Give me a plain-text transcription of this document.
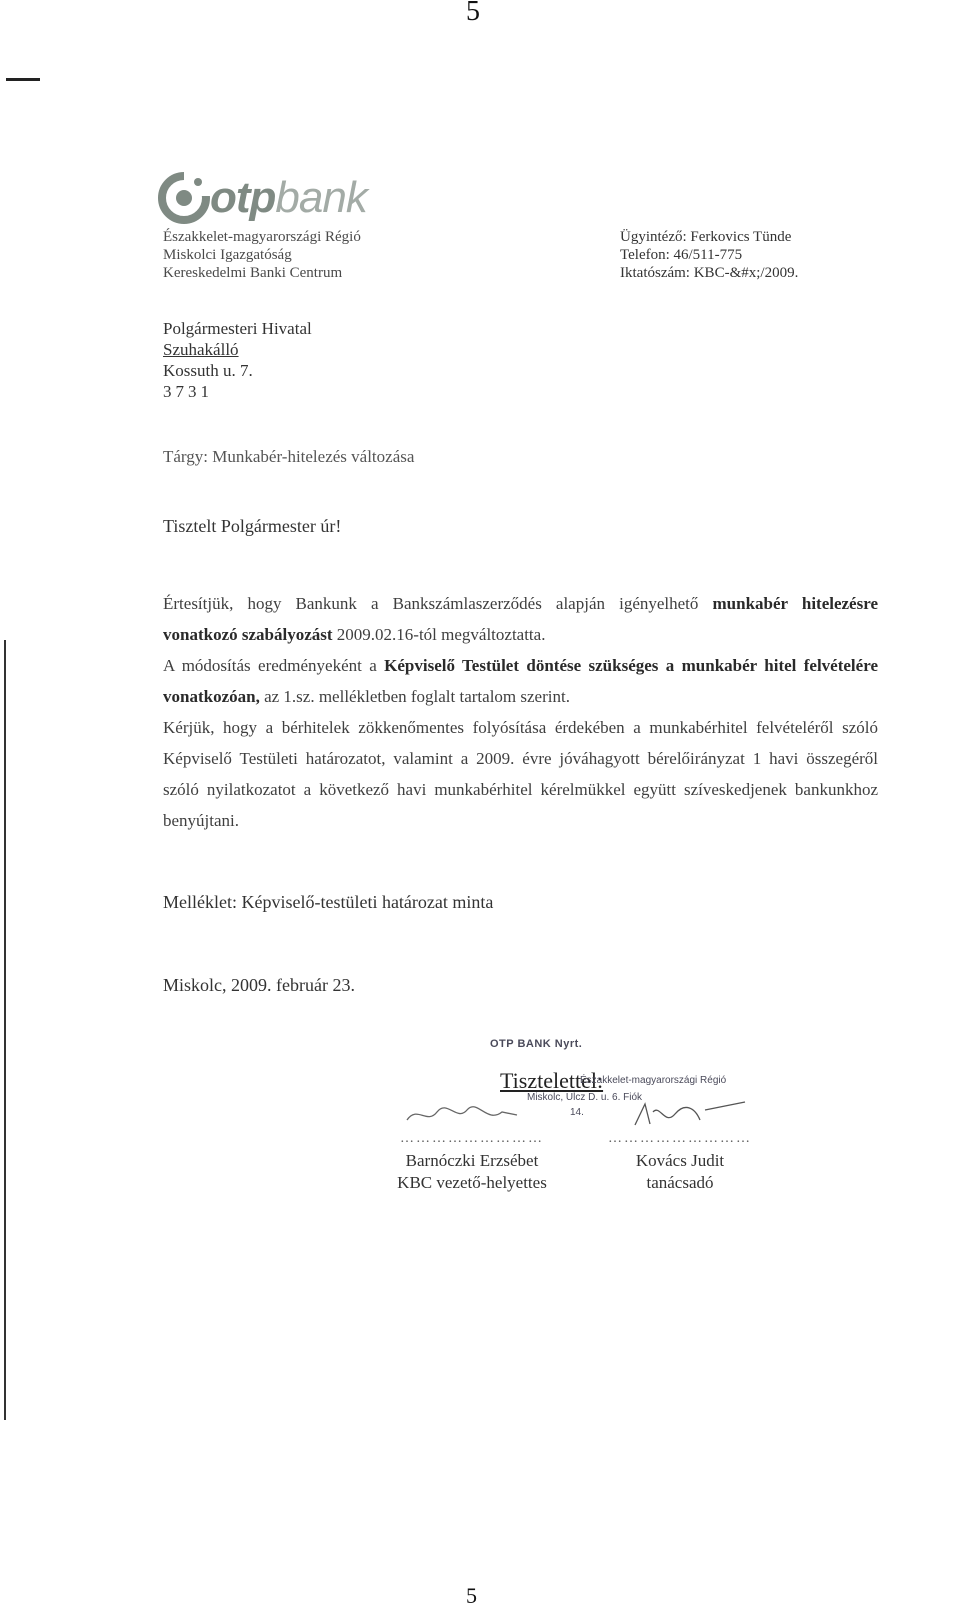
5
otp bank
Északkelet-magyarországi Régió
Miskolci Igazgatóság
Kereskedelmi Banki Centrum
Ügyintéző: Ferkovics Tünde
Telefon: 46/511-775
Iktatószám: KBC-&#x;/2009.
Polgármesteri Hivatal
Szuhakálló
Kossuth u. 7.
3731
Tárgy: Munkabér-hitelezés változása
Tisztelt Polgármester úr!

Értesítjük, hogy Bankunk a Bankszámlaszerződés alapján igényelhető munkabér hitelezésre vonatkozó szabályozást 2009.02.16-tól megváltoztatta.

A módosítás eredményeként a Képviselő Testület döntése szükséges a munkabér hitel felvételére vonatkozóan, az 1.sz. mellékletben foglalt tartalom szerint.

Kérjük, hogy a bérhitelek zökkenőmentes folyósítása érdekében a munkabérhitel felvételéről szóló Képviselő Testületi határozatot, valamint a 2009. évre jóváhagyott bérelőirányzat 1 havi összegéről szóló nyilatkozatot a következő havi munkabérhitel kérelmükkel együtt szíveskedjenek bankunkhoz benyújtani.

Melléklet: Képviselő-testületi határozat minta
Miskolc, 2009. február 23.
OTP BANK Nyrt.
Tisztelettel:
Északkelet-magyarországi Régió
Miskolc, Ulcz D. u. 6. Fiók
14.
………………………
Barnóczki Erzsébet
KBC vezető-helyettes
………………………
Kovács Judit
tanácsadó
5
